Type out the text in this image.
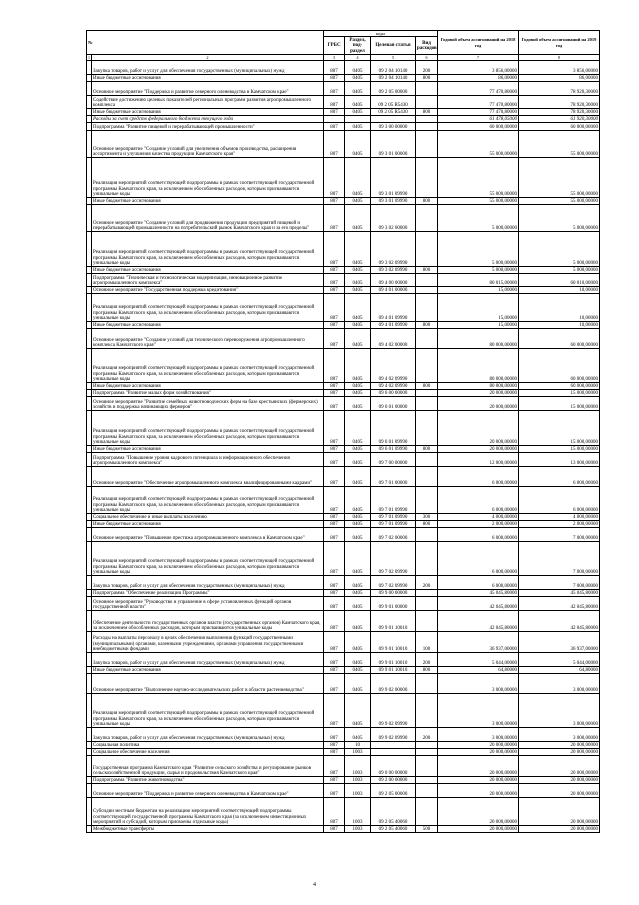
№		коды				Годовой объем ассигнований на 2018 год	Годовой объем ассигнований на 2019 год
		ГРБС	Раздел, под-раздел	Целевая статья	Вид расходов		
1	2	3	4	5	6	7	8
	Закупка товаров, работ и услуг для обеспечения государственных (муниципальных) нужд	807	0405	09 2 04 10140	200	3 856,00000	3 856,00000
	Иные бюджетные ассигнования	807	0405	09 2 04 10140	800	86,00000	86,00000
	Основное мероприятие "Поддержка и развитие северного оленеводства в Камчатском крае"	807	0405	09 2 05 00000		77 470,80000	78 920,30000
	Содействие достижению целевых показателей региональных программ развития агропромышленного комплекса	807	0405	09 2 05 R5430		77 470,80000	78 920,30000
	Иные бюджетные ассигнования	807	0405	09 2 05 R5430	800	77 470,80000	78 920,30000
	Расходы за счет средств федерального бюджета текущего года					61 478,05000	61 920,30000
	Подпрограмма "Развитие пищевой и перерабатывающей промышленности"	807	0405	09 3 00 00000		60 000,00000	60 000,00000
	Основное мероприятие "Создание условий для увеличения объемов производства, расширения ассортимента и улучшения качества продукции Камчатского края"	807	0405	09 3 01 00000		55 000,00000	55 000,00000
	Реализация мероприятий соответствующей подпрограммы в рамках соответствующей государственной программы Камчатского края, за исключением обособленных расходов, которым присваиваются уникальные коды	807	0405	09 3 01 09990		55 000,00000	55 000,00000
	Иные бюджетные ассигнования	807	0405	09 3 01 09990	800	55 000,00000	55 000,00000
	Основное мероприятие "Создание условий для продвижения продукции предприятий пищевой и перерабатывающей промышленности на потребительский рынок Камчатского края и за его пределы"	807	0405	09 3 02 00000		5 000,00000	5 000,00000
	Реализация мероприятий соответствующей подпрограммы в рамках соответствующей государственной программы Камчатского края, за исключением обособленных расходов, которым присваиваются уникальные коды	807	0405	09 3 02 09990		5 000,00000	5 000,00000
	Иные бюджетные ассигнования	807	0405	09 3 02 09990	800	5 000,00000	5 000,00000
	Подпрограмма "Техническая и технологическая модернизация, инновационное развитие агропромышленного комплекса"	807	0405	09 4 00 00000		80 015,00000	60 010,00000
	Основное мероприятие "Государственная поддержка кредитования"	807	0405	09 4 01 00000		15,00000	10,00000
	Реализация мероприятий соответствующей подпрограммы в рамках соответствующей государственной программы Камчатского края, за исключением обособленных расходов, которым присваиваются уникальные коды	807	0405	09 4 01 09990		15,00000	10,00000
	Иные бюджетные ассигнования	807	0405	09 4 01 09990	800	15,00000	10,00000
	Основное мероприятие "Создание условий для технического перевооружения агропромышленного комплекса Камчатского края"	807	0405	09 4 02 00000		80 000,00000	60 000,00000
	Реализация мероприятий соответствующей подпрограммы в рамках соответствующей государственной программы Камчатского края, за исключением обособленных расходов, которым присваиваются уникальные коды	807	0405	09 4 02 09990		80 000,00000	60 000,00000
	Иные бюджетные ассигнования	807	0405	09 4 02 09990	800	80 000,00000	60 000,00000
	Подпрограмма "Развитие малых форм хозяйствования"	807	0405	09 6 00 00000		20 000,00000	15 000,00000
	Основное мероприятие "Развитие семейных животноводческих ферм на базе крестьянских (фермерских) хозяйств и поддержка начинающих фермеров"	807	0405	09 6 01 00000		20 000,00000	15 000,00000
	Реализация мероприятий соответствующей подпрограммы в рамках соответствующей государственной программы Камчатского края, за исключением обособленных расходов, которым присваиваются уникальные коды	807	0405	09 6 01 09990		20 000,00000	15 000,00000
	Иные бюджетные ассигнования	807	0405	09 6 01 09990	800	20 000,00000	15 000,00000
	Подпрограмма "Повышение уровня кадрового потенциала и информационного обеспечения агропромышленного комплекса"	807	0405	09 7 00 00000		12 000,00000	13 000,00000
	Основное мероприятие "Обеспечение агропромышленного комплекса квалифицированными кадрами"	807	0405	09 7 01 00000		6 000,00000	6 000,00000
	Реализация мероприятий соответствующей подпрограммы в рамках соответствующей государственной программы Камчатского края, за исключением обособленных расходов, которым присваиваются уникальные коды	807	0405	09 7 01 09990		6 000,00000	6 000,00000
	Социальное обеспечение и иные выплаты населению	807	0405	09 7 01 09990	300	4 000,00000	4 000,00000
	Иные бюджетные ассигнования	807	0405	09 7 01 09990	800	2 000,00000	2 000,00000
	Основное мероприятие "Повышение престижа агропромышленного комплекса в Камчатском крае"	807	0405	09 7 02 00000		6 000,00000	7 000,00000
	Реализация мероприятий соответствующей подпрограммы в рамках соответствующей государственной программы Камчатского края, за исключением обособленных расходов, которым присваиваются уникальные коды	807	0405	09 7 02 09990		6 000,00000	7 000,00000
	Закупка товаров, работ и услуг для обеспечения государственных (муниципальных) нужд	807	0405	09 7 02 09990	200	6 000,00000	7 000,00000
	Подпрограмма "Обеспечение реализации Программы"	807	0405	09 9 00 00000		45 045,80000	45 045,80000
	Основное мероприятие "Руководство и управление в сфере установленных функций органов государственной власти"	807	0405	09 9 01 00000		42 045,80000	42 045,80000
	Обеспечение деятельности государственных органов власти (государственных органов) Камчатского края, за исключением обособленных расходов, которым присваиваются уникальные коды	807	0405	09 9 01 10010		42 045,80000	42 045,80000
	Расходы на выплаты персоналу в целях обеспечения выполнения функций государственными (муниципальными) органами, казенными учреждениями, органами управления государственными внебюджетными фондами	807	0405	09 9 01 10010	100	36 937,00000	36 937,00000
	Закупка товаров, работ и услуг для обеспечения государственных (муниципальных) нужд	807	0405	09 9 01 10010	200	5 044,00000	5 044,00000
	Иные бюджетные ассигнования	807	0405	09 9 01 10010	800	64,80000	64,80000
	Основное мероприятие "Выполнение научно-исследовательских работ в области растениеводства"	807	0405	09 9 02 00000		3 000,00000	3 000,00000
	Реализация мероприятий соответствующей подпрограммы в рамках соответствующей государственной программы Камчатского края, за исключением обособленных расходов, которым присваиваются уникальные коды	807	0405	09 9 02 09990		3 000,00000	3 000,00000
	Закупка товаров, работ и услуг для обеспечения государственных (муниципальных) нужд	807	0405	09 9 02 09990	200	3 000,00000	3 000,00000
	Социальная политика	807	10			20 000,00000	20 000,00000
	Социальное обеспечение населения	807	1003			20 000,00000	20 000,00000
	Государственная программа Камчатского края "Развитие сельского хозяйства и регулирование рынков сельскохозяйственной продукции, сырья и продовольствия Камчатского края"	807	1003	09 0 00 00000		20 000,00000	20 000,00000
	Подпрограмма "Развитие животноводства"	807	1003	09 2 00 00000		20 000,00000	20 000,00000
	Основное мероприятие "Поддержка и развитие северного оленеводства в Камчатском крае"	807	1003	09 2 05 00000		20 000,00000	20 000,00000
	Субсидии местным бюджетам на реализацию мероприятий соответствующей подпрограммы соответствующей государственной программы Камчатского края (за исключением инвестиционных мероприятий и субсидий, которым присвоены отдельные коды)	807	1003	09 2 05 40060		20 000,00000	20 000,00000
	Межбюджетные трансферты	807	1003	09 2 05 40060	500	20 000,00000	20 000,00000
4
